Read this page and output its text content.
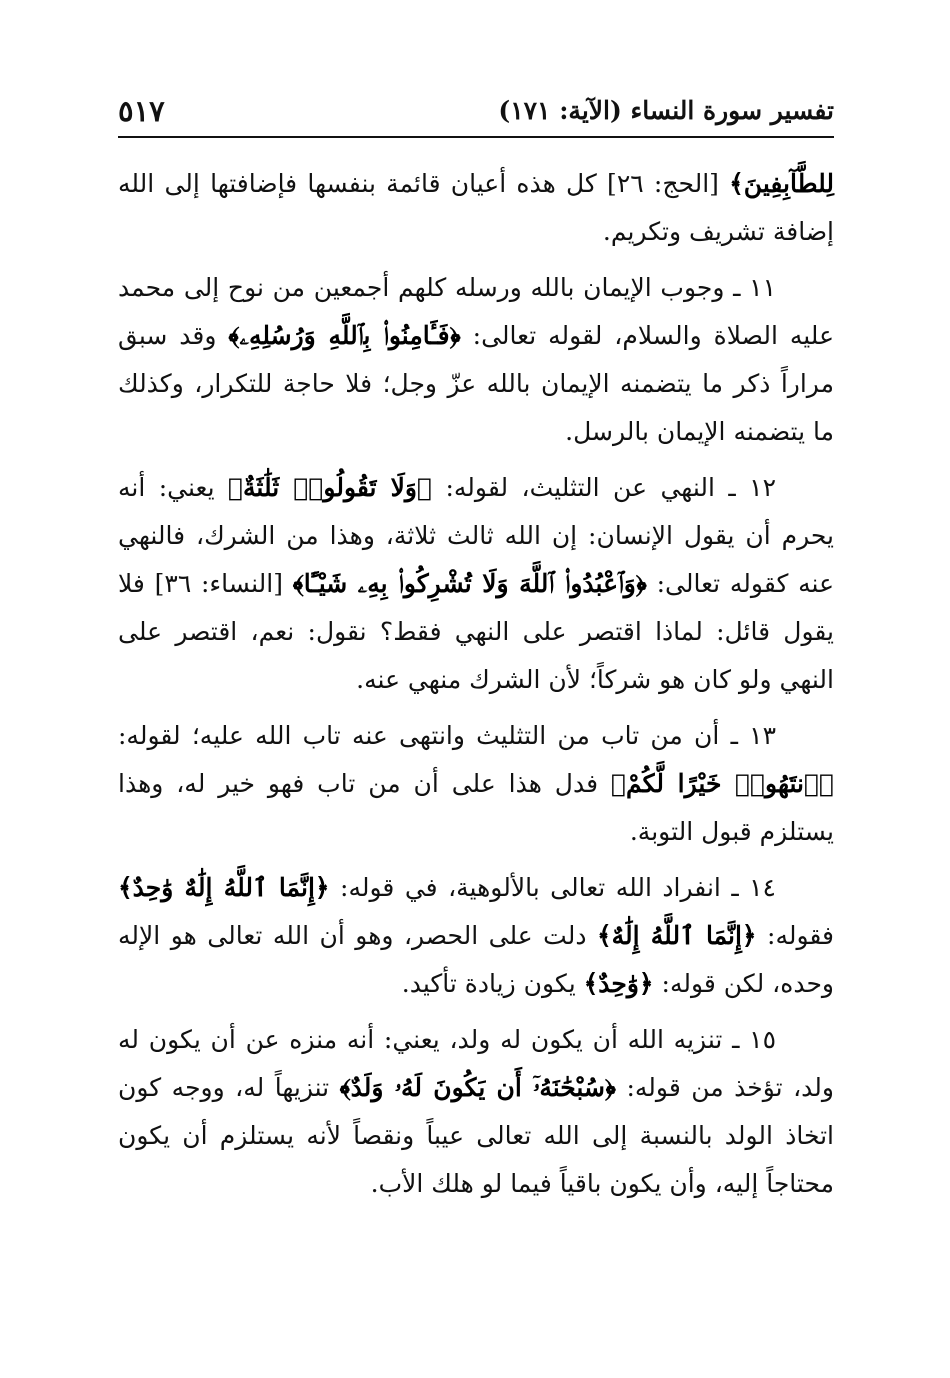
تفسير سورة النساء (الآية: ١٧١)
٥١٧

لِلطَّآبِفِينَ﴾ [الحج: ٢٦] كل هذه أعيان قائمة بنفسها فإضافتها إلى الله إضافة تشريف وتكريم.

١١ ـ وجوب الإيمان بالله ورسله كلهم أجمعين من نوح إلى محمد عليه الصلاة والسلام، لقوله تعالى: ﴿فَـَٔامِنُوا۟ بِٱللَّهِ وَرُسُلِهِۦ﴾ وقد سبق مراراً ذكر ما يتضمنه الإيمان بالله عزّ وجل؛ فلا حاجة للتكرار، وكذلك ما يتضمنه الإيمان بالرسل.

١٢ ـ النهي عن التثليث، لقوله: ﴿وَلَا تَقُولُوا۟ ثَلَٰثَةٌ﴾ يعني: أنه يحرم أن يقول الإنسان: إن الله ثالث ثلاثة، وهذا من الشرك، فالنهي عنه كقوله تعالى: ﴿وَٱعْبُدُوا۟ ٱللَّهَ وَلَا تُشْرِكُوا۟ بِهِۦ شَيْـًٔا﴾ [النساء: ٣٦] فلا يقول قائل: لماذا اقتصر على النهي فقط؟ نقول: نعم، اقتصر على النهي ولو كان هو شركاً؛ لأن الشرك منهي عنه.

١٣ ـ أن من تاب من التثليث وانتهى عنه تاب الله عليه؛ لقوله: ﴿ٱنتَهُوا۟ خَيْرًا لَّكُمْ﴾ فدل هذا على أن من تاب فهو خير له، وهذا يستلزم قبول التوبة.

١٤ ـ انفراد الله تعالى بالألوهية، في قوله: ﴿إِنَّمَا ٱللَّهُ إِلَٰهٌ وَٰحِدٌ﴾ فقوله: ﴿إِنَّمَا ٱللَّهُ إِلَٰهٌ﴾ دلت على الحصر، وهو أن الله تعالى هو الإله وحده، لكن قوله: ﴿وَٰحِدٌ﴾ يكون زيادة تأكيد.

١٥ ـ تنزيه الله أن يكون له ولد، يعني: أنه منزه عن أن يكون له ولد، تؤخذ من قوله: ﴿سُبْحَٰنَهُۥٓ أَن يَكُونَ لَهُۥ وَلَدٌ﴾ تنزيهاً له، ووجه كون اتخاذ الولد بالنسبة إلى الله تعالى عيباً ونقصاً لأنه يستلزم أن يكون محتاجاً إليه، وأن يكون باقياً فيما لو هلك الأب.
